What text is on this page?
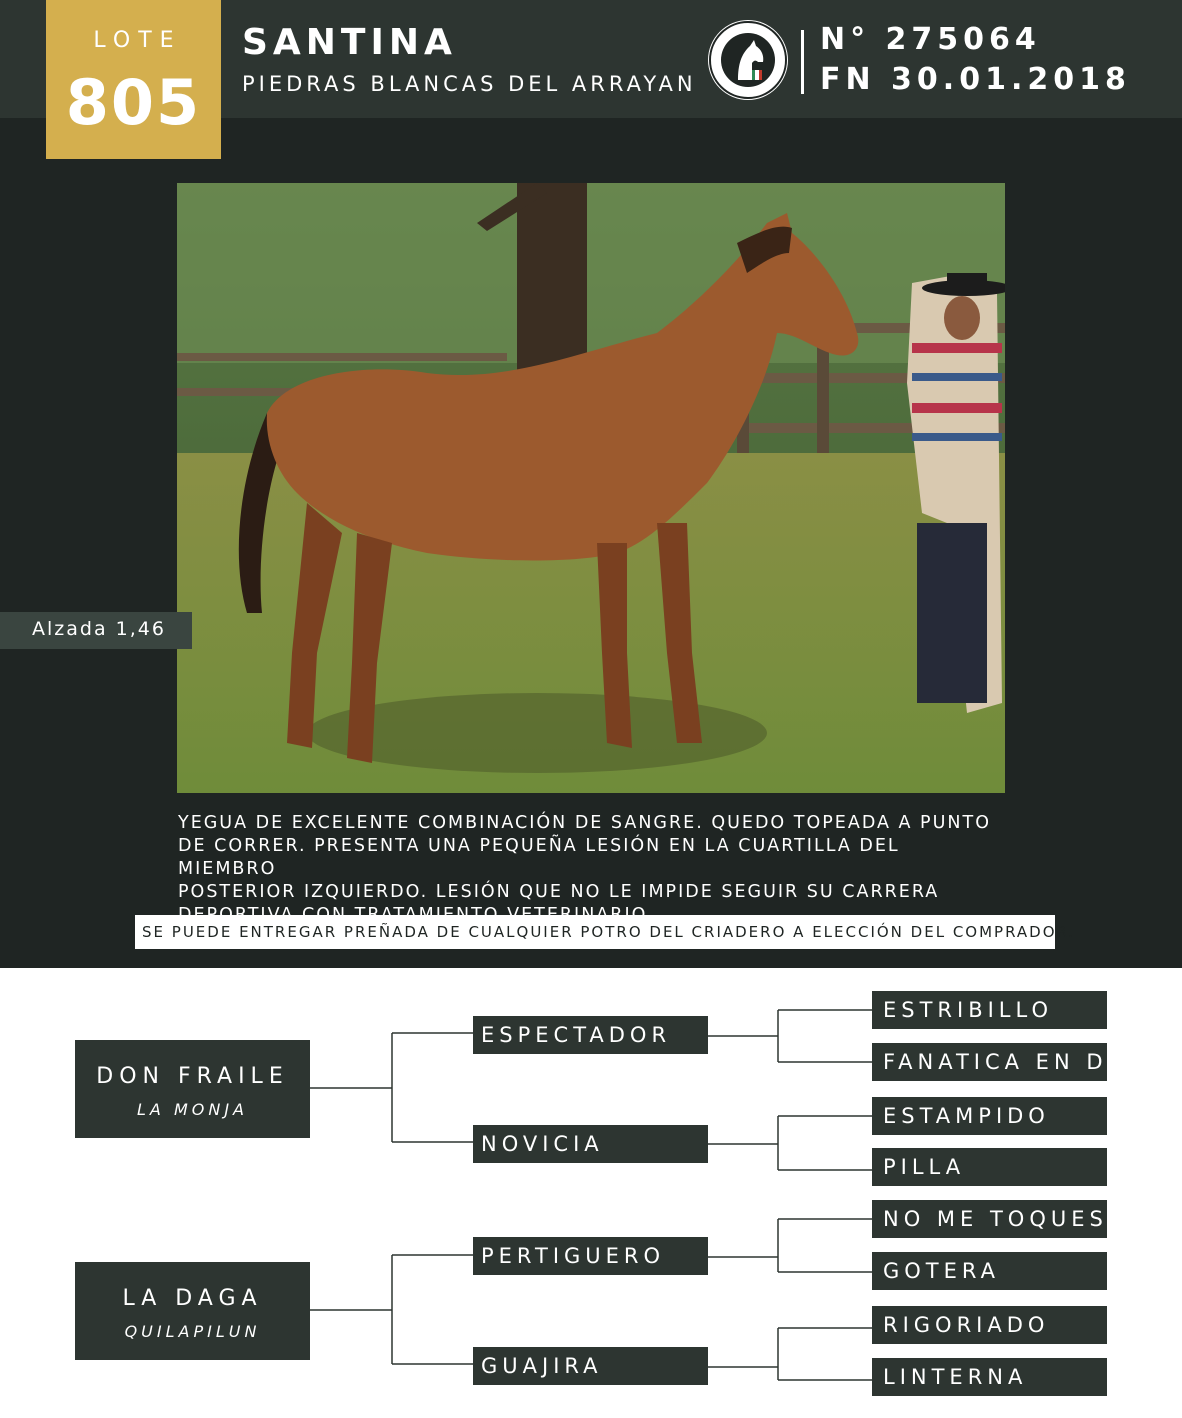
LOTE
805
SANTINA
PIEDRAS BLANCAS DEL ARRAYAN
N° 275064
FN 30.01.2018
Alzada 1,46
YEGUA DE EXCELENTE COMBINACIÓN DE SANGRE. QUEDO TOPEADA A PUNTO
DE CORRER. PRESENTA UNA PEQUEÑA LESIÓN EN LA CUARTILLA DEL MIEMBRO
POSTERIOR IZQUIERDO. LESIÓN QUE NO LE IMPIDE SEGUIR SU CARRERA
SE PUEDE ENTREGAR PREÑADA DE CUALQUIER POTRO DEL CRIADERO A ELECCIÓN DEL COMPRADOR.
DON FRAILE
LA MONJA
LA DAGA
QUILAPILUN
ESPECTADOR
NOVICIA
PERTIGUERO
GUAJIRA
ESTRIBILLO
FANATICA EN DGO
ESTAMPIDO
PILLA
NO ME TOQUES
GOTERA
RIGORIADO
LINTERNA
